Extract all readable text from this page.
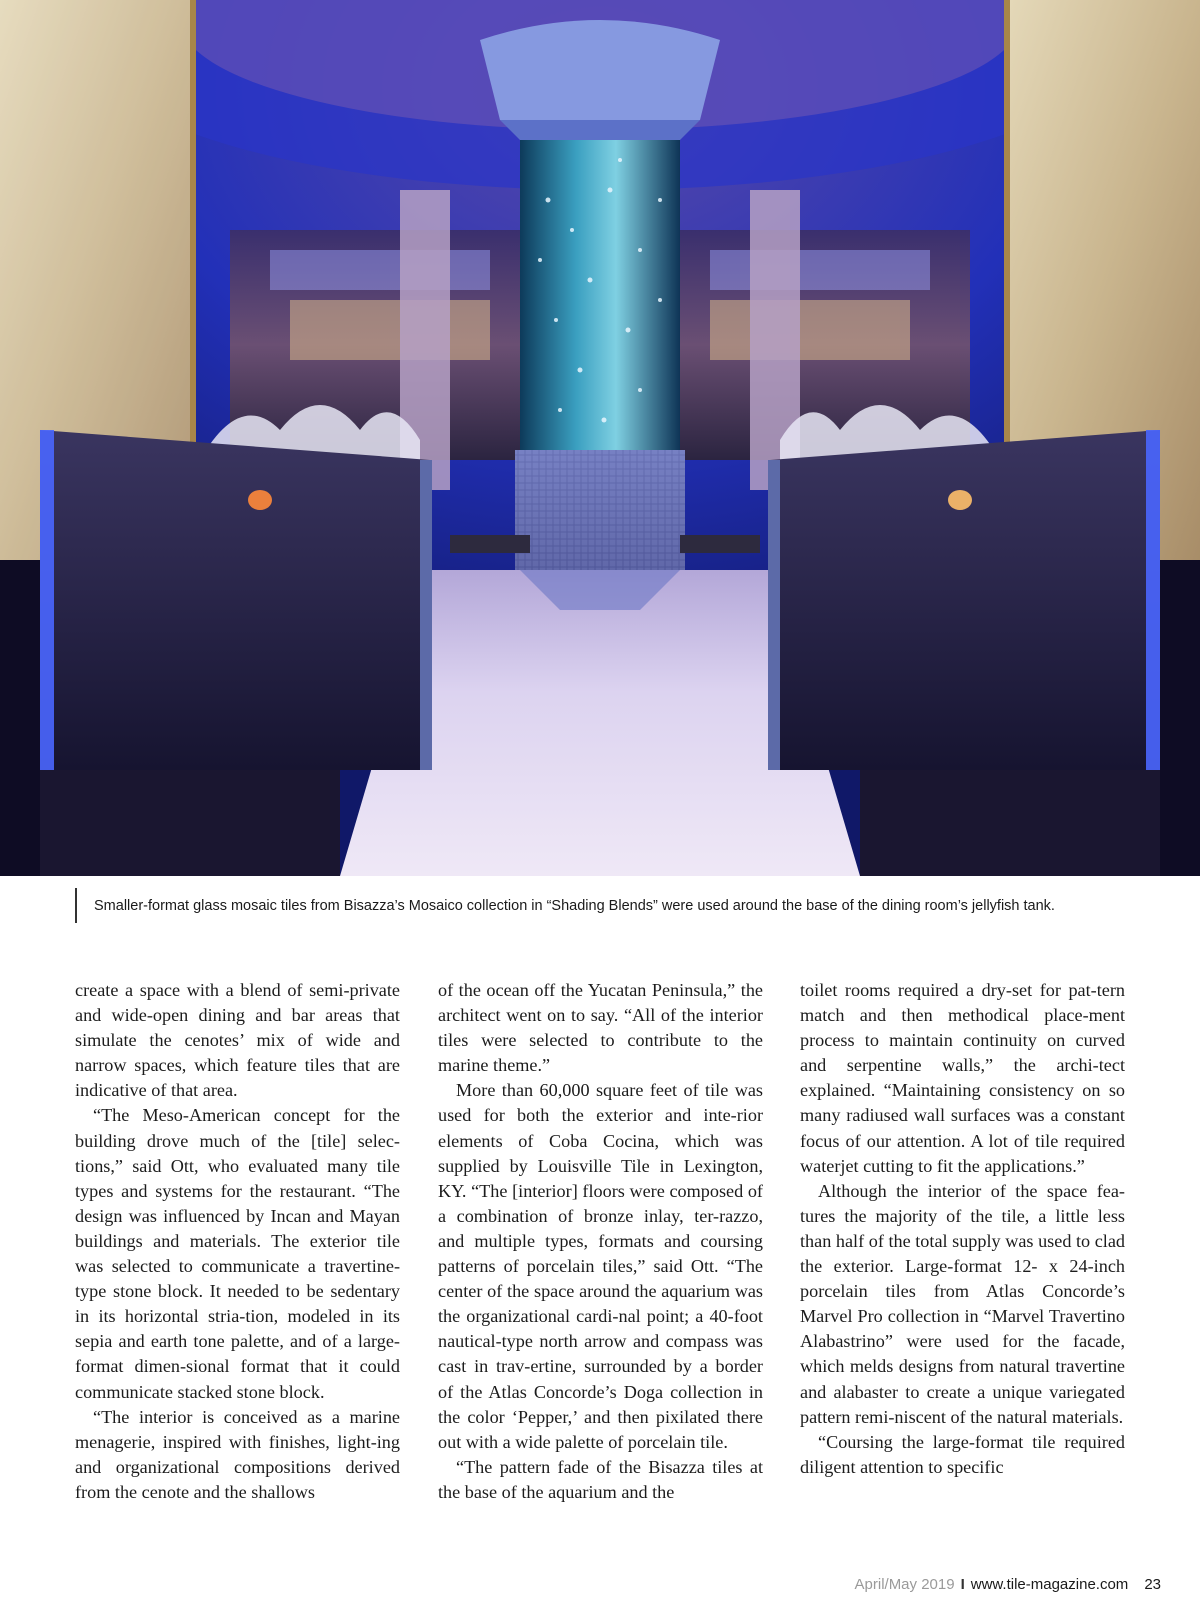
Smaller-format glass mosaic tiles from Bisazza’s Mosaico collection in “Shading Blends” were used around the base of the dining room’s jellyfish tank.

create a space with a blend of semi-private and wide-open dining and bar areas that simulate the cenotes’ mix of wide and narrow spaces, which feature tiles that are indicative of that area.

“The Meso-American concept for the building drove much of the [tile] selec-tions,” said Ott, who evaluated many tile types and systems for the restaurant. “The design was influenced by Incan and Mayan buildings and materials. The exterior tile was selected to communicate a travertine-type stone block. It needed to be sedentary in its horizontal stria-tion, modeled in its sepia and earth tone palette, and of a large-format dimen-sional format that it could communicate stacked stone block.

“The interior is conceived as a marine menagerie, inspired with finishes, light-ing and organizational compositions derived from the cenote and the shallows

of the ocean off the Yucatan Peninsula,” the architect went on to say. “All of the interior tiles were selected to contribute to the marine theme.”

More than 60,000 square feet of tile was used for both the exterior and inte-rior elements of Coba Cocina, which was supplied by Louisville Tile in Lexington, KY. “The [interior] floors were composed of a combination of bronze inlay, ter-razzo, and multiple types, formats and coursing patterns of porcelain tiles,” said Ott. “The center of the space around the aquarium was the organizational cardi-nal point; a 40-foot nautical-type north arrow and compass was cast in trav-ertine, surrounded by a border of the Atlas Concorde’s Doga collection in the color ‘Pepper,’ and then pixilated there out with a wide palette of porcelain tile.

“The pattern fade of the Bisazza tiles at the base of the aquarium and the

toilet rooms required a dry-set for pat-tern match and then methodical place-ment process to maintain continuity on curved and serpentine walls,” the archi-tect explained. “Maintaining consistency on so many radiused wall surfaces was a constant focus of our attention. A lot of tile required waterjet cutting to fit the applications.”

Although the interior of the space fea-tures the majority of the tile, a little less than half of the total supply was used to clad the exterior. Large-format 12- x 24-inch porcelain tiles from Atlas Concorde’s Marvel Pro collection in “Marvel Travertino Alabastrino” were used for the facade, which melds designs from natural travertine and alabaster to create a unique variegated pattern remi-niscent of the natural materials.

“Coursing the large-format tile required diligent attention to specific

April/May 2019 I www.tile-magazine.com 23
